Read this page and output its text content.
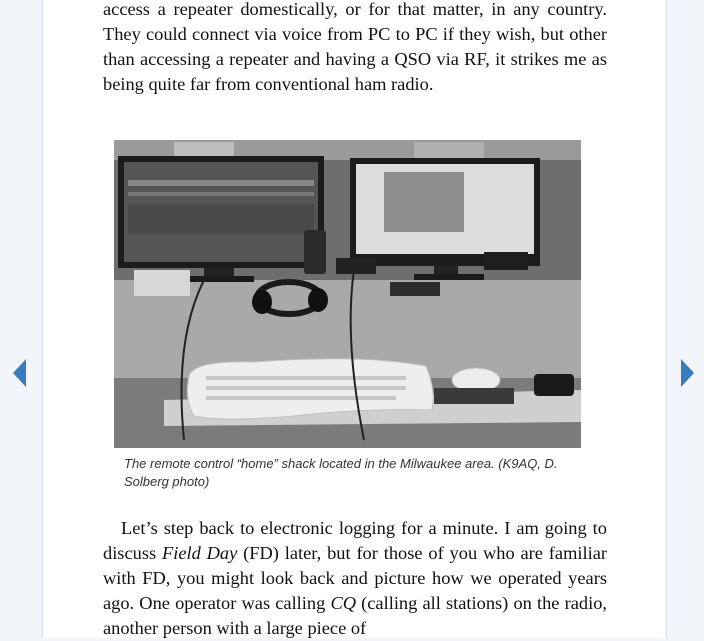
access a repeater domestically, or for that matter, in any country. They could connect via voice from PC to PC if they wish, but other than accessing a repeater and having a QSO via RF, it strikes me as being quite far from conventional ham radio.

The remote control “home” shack located in the Milwaukee area. (K9AQ, D. Solberg photo)

Let’s step back to electronic logging for a minute. I am going to discuss Field Day (FD) later, but for those of you who are familiar with FD, you might look back and picture how we operated years ago. One operator was calling CQ (calling all stations) on the radio, another person with a large piece of
